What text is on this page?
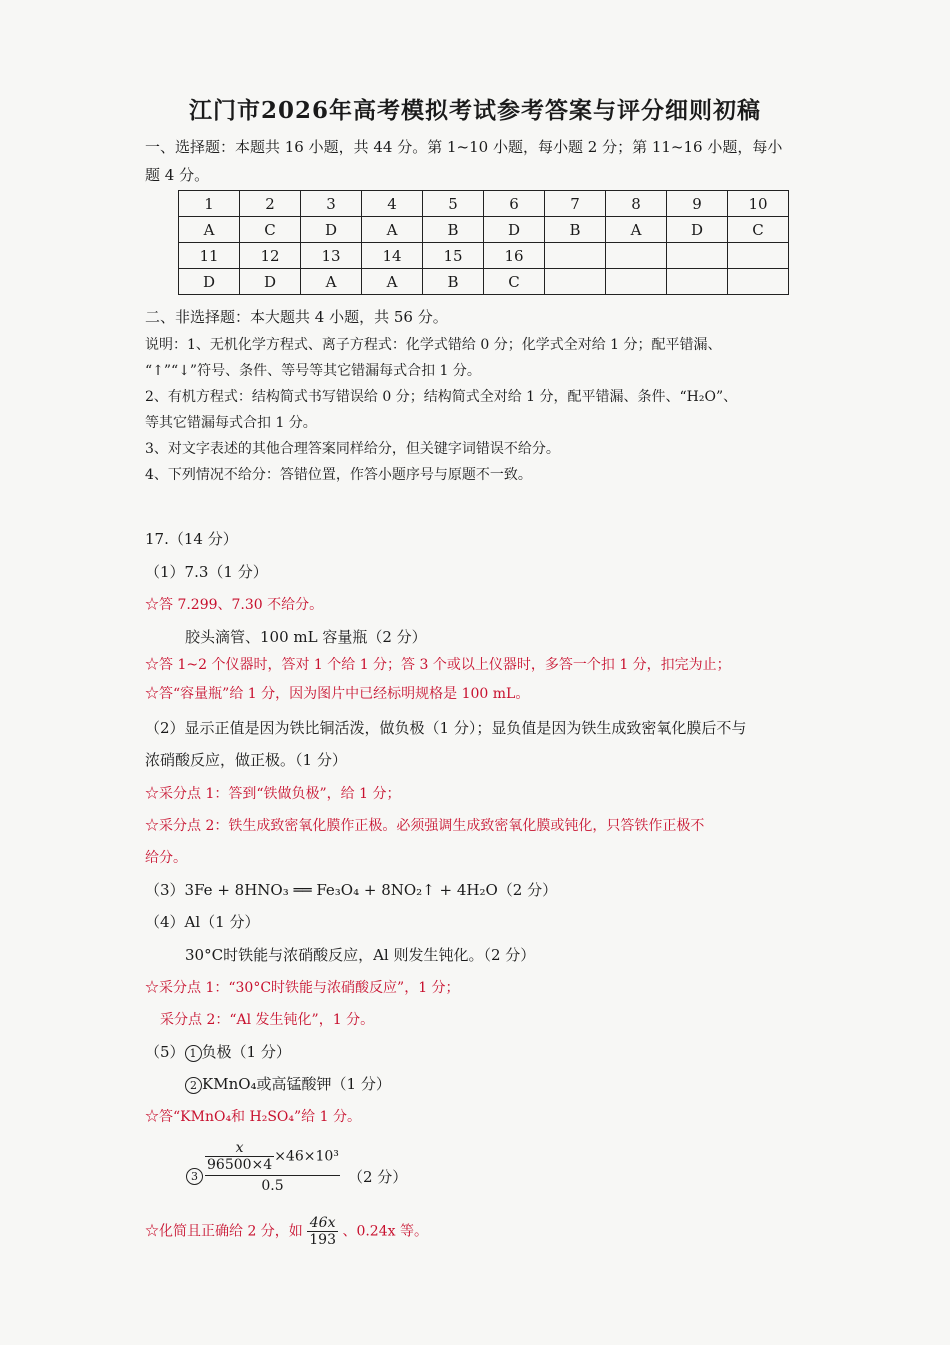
江门市2026年高考模拟考试参考答案与评分细则初稿
一、选择题：本题共 16 小题，共 44 分。第 1~10 小题，每小题 2 分；第 11~16 小题，每小
题 4 分。
1	2	3	4	5	6	7	8	9	10
A	C	D	A	B	D	B	A	D	C
11	12	13	14	15	16				
D	D	A	A	B	C				
二、非选择题：本大题共 4 小题，共 56 分。
说明：1、无机化学方程式、离子方程式：化学式错给 0 分；化学式全对给 1 分；配平错漏、
“↑”“↓”符号、条件、等号等其它错漏每式合扣 1 分。
2、有机方程式：结构简式书写错误给 0 分；结构简式全对给 1 分，配平错漏、条件、“H₂O”、
等其它错漏每式合扣 1 分。
3、对文字表述的其他合理答案同样给分，但关键字词错误不给分。
4、下列情况不给分：答错位置，作答小题序号与原题不一致。
17.（14 分）
（1）7.3（1 分）
☆答 7.299、7.30 不给分。
胶头滴管、100 mL 容量瓶（2 分）
☆答 1~2 个仪器时，答对 1 个给 1 分；答 3 个或以上仪器时，多答一个扣 1 分，扣完为止；
☆答“容量瓶”给 1 分，因为图片中已经标明规格是 100 mL。
（2）显示正值是因为铁比铜活泼，做负极（1 分）；显负值是因为铁生成致密氧化膜后不与
浓硝酸反应，做正极。（1 分）
☆采分点 1：答到“铁做负极”，给 1 分；
☆采分点 2：铁生成致密氧化膜作正极。必须强调生成致密氧化膜或钝化，只答铁作正极不
给分。
（3）3Fe + 8HNO₃ ══ Fe₃O₄ + 8NO₂↑ + 4H₂O（2 分）
（4）Al（1 分）
30°C时铁能与浓硝酸反应，Al 则发生钝化。（2 分）
☆采分点 1：“30°C时铁能与浓硝酸反应”，1 分；
采分点 2：“Al 发生钝化”，1 分。
（5） 1 负极（1 分）
2 KMnO₄或高锰酸钾（1 分）
☆答“KMnO₄和 H₂SO₄”给 1 分。
3
$\frac{x}{96500\times 4} \times 46\times 10^3$
0.5	（2 分）
☆化简且正确给 2 分，如 $\frac{46x}{193}$ 、0.24x 等。
